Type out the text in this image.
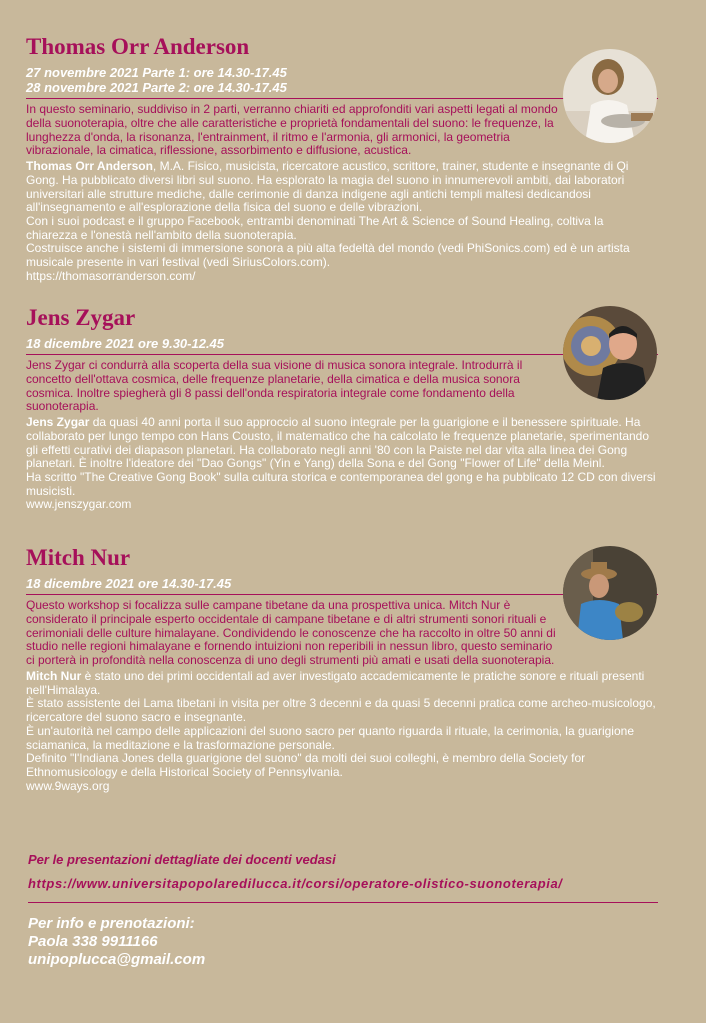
Thomas Orr Anderson
27 novembre 2021 Parte 1: ore 14.30-17.45
28 novembre 2021 Parte 2: ore 14.30-17.45

In questo seminario, suddiviso in 2 parti, verranno chiariti ed approfonditi vari aspetti legati al mondo della suonoterapia, oltre che alle caratteristiche e proprietà fondamentali del suono: le frequenze, la lunghezza d'onda, la risonanza, l'entrainment, il ritmo e l'armonia, gli armonici, la geometria vibrazionale, la cimatica, riflessione, assorbimento e diffusione, acustica.

Thomas Orr Anderson, M.A. Fisico, musicista, ricercatore acustico, scrittore, trainer, studente e insegnante di Qi Gong. Ha pubblicato diversi libri sul suono. Ha esplorato la magia del suono in innumerevoli ambiti, dai laboratori universitari alle strutture mediche, dalle cerimonie di danza indigene agli antichi templi maltesi dedicandosi all'insegnamento e all'esplorazione della fisica del suono e delle vibrazioni.

Con i suoi podcast e il gruppo Facebook, entrambi denominati The Art & Science of Sound Healing, coltiva la chiarezza e l'onestà nell'ambito della suonoterapia.

Costruisce anche i sistemi di immersione sonora a più alta fedeltà del mondo (vedi PhiSonics.com) ed è un artista musicale presente in vari festival (vedi SiriusColors.com).

https://thomasorranderson.com/

Jens Zygar
18 dicembre 2021 ore 9.30-12.45

Jens Zygar ci condurrà alla scoperta della sua visione di musica sonora integrale. Introdurrà il concetto dell'ottava cosmica, delle frequenze planetarie, della cimatica e della musica sonora cosmica. Inoltre spiegherà gli 8 passi dell'onda respiratoria integrale come fondamento della suonoterapia.

Jens Zygar da quasi 40 anni porta il suo approccio al suono integrale per la guarigione e il benessere spirituale. Ha collaborato per lungo tempo con Hans Cousto, il matematico che ha calcolato le frequenze planetarie, sperimentando gli effetti curativi dei diapason planetari. Ha collaborato negli anni '80 con la Paiste nel dar vita alla linea dei Gong planetari. È inoltre l'ideatore dei "Dao Gongs" (Yin e Yang) della Sona e del Gong "Flower of Life" della Meinl.

Ha scritto "The Creative Gong Book" sulla cultura storica e contemporanea del gong e ha pubblicato 12 CD con diversi musicisti.

www.jenszygar.com

Mitch Nur
18 dicembre 2021 ore 14.30-17.45

Questo workshop si focalizza sulle campane tibetane da una prospettiva unica. Mitch Nur è considerato il principale esperto occidentale di campane tibetane e di altri strumenti sonori rituali e cerimoniali delle culture himalayane. Condividendo le conoscenze che ha raccolto in oltre 50 anni di studio nelle regioni himalayane e fornendo intuizioni non reperibili in nessun libro, questo seminario ci porterà in profondità nella conoscenza di uno degli strumenti più amati e usati della suonoterapia.

Mitch Nur è stato uno dei primi occidentali ad aver investigato accademicamente le pratiche sonore e rituali presenti nell'Himalaya.

È stato assistente dei Lama tibetani in visita per oltre 3 decenni e da quasi 5 decenni pratica come archeo-musicologo, ricercatore del suono sacro e insegnante.

È un'autorità nel campo delle applicazioni del suono sacro per quanto riguarda il rituale, la cerimonia, la guarigione sciamanica, la meditazione e la trasformazione personale.

Definito "l'Indiana Jones della guarigione del suono" da molti dei suoi colleghi, è membro della Society for Ethnomusicology e della Historical Society of Pennsylvania.

www.9ways.org

Per le presentazioni dettagliate dei docenti vedasi
https://www.universitapopolaredilucca.it/corsi/operatore-olistico-suonoterapia/
Per info e prenotazioni:
Paola 338 9911166
unipoplucca@gmail.com
